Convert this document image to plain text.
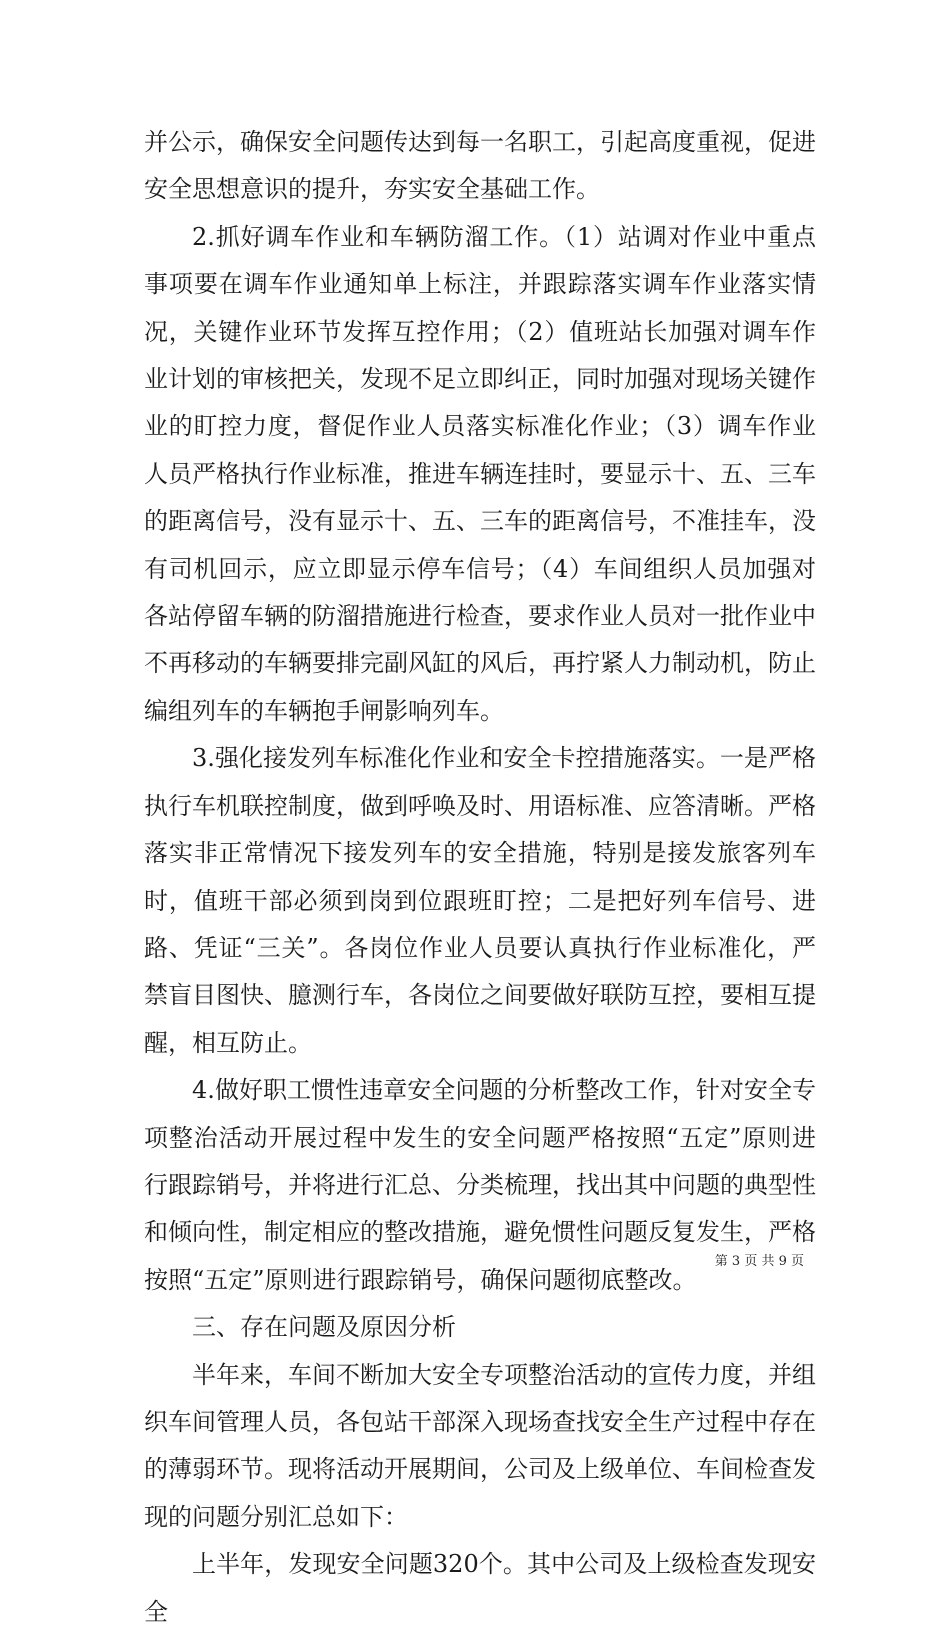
并公示，确保安全问题传达到每一名职工，引起高度重视，促进安全思想意识的提升，夯实安全基础工作。

2.抓好调车作业和车辆防溜工作。（1）站调对作业中重点事项要在调车作业通知单上标注，并跟踪落实调车作业落实情况，关键作业环节发挥互控作用；（2）值班站长加强对调车作业计划的审核把关，发现不足立即纠正，同时加强对现场关键作业的盯控力度，督促作业人员落实标准化作业；（3）调车作业人员严格执行作业标准，推进车辆连挂时，要显示十、五、三车的距离信号，没有显示十、五、三车的距离信号，不准挂车，没有司机回示，应立即显示停车信号；（4）车间组织人员加强对各站停留车辆的防溜措施进行检查，要求作业人员对一批作业中不再移动的车辆要排完副风缸的风后，再拧紧人力制动机，防止编组列车的车辆抱手闸影响列车。

3.强化接发列车标准化作业和安全卡控措施落实。一是严格执行车机联控制度，做到呼唤及时、用语标准、应答清晰。严格落实非正常情况下接发列车的安全措施，特别是接发旅客列车时，值班干部必须到岗到位跟班盯控；二是把好列车信号、进路、凭证“三关”。各岗位作业人员要认真执行作业标准化，严禁盲目图快、臆测行车，各岗位之间要做好联防互控，要相互提醒，相互防止。

4.做好职工惯性违章安全问题的分析整改工作，针对安全专项整治活动开展过程中发生的安全问题严格按照“五定”原则进行跟踪销号，并将进行汇总、分类梳理，找出其中问题的典型性和倾向性，制定相应的整改措施，避免惯性问题反复发生，严格按照“五定”原则进行跟踪销号，确保问题彻底整改。

三、存在问题及原因分析

半年来，车间不断加大安全专项整治活动的宣传力度，并组织车间管理人员，各包站干部深入现场查找安全生产过程中存在的薄弱环节。现将活动开展期间，公司及上级单位、车间检查发现的问题分别汇总如下：

上半年，发现安全问题320个。其中公司及上级检查发现安全

第 3 页 共 9 页
